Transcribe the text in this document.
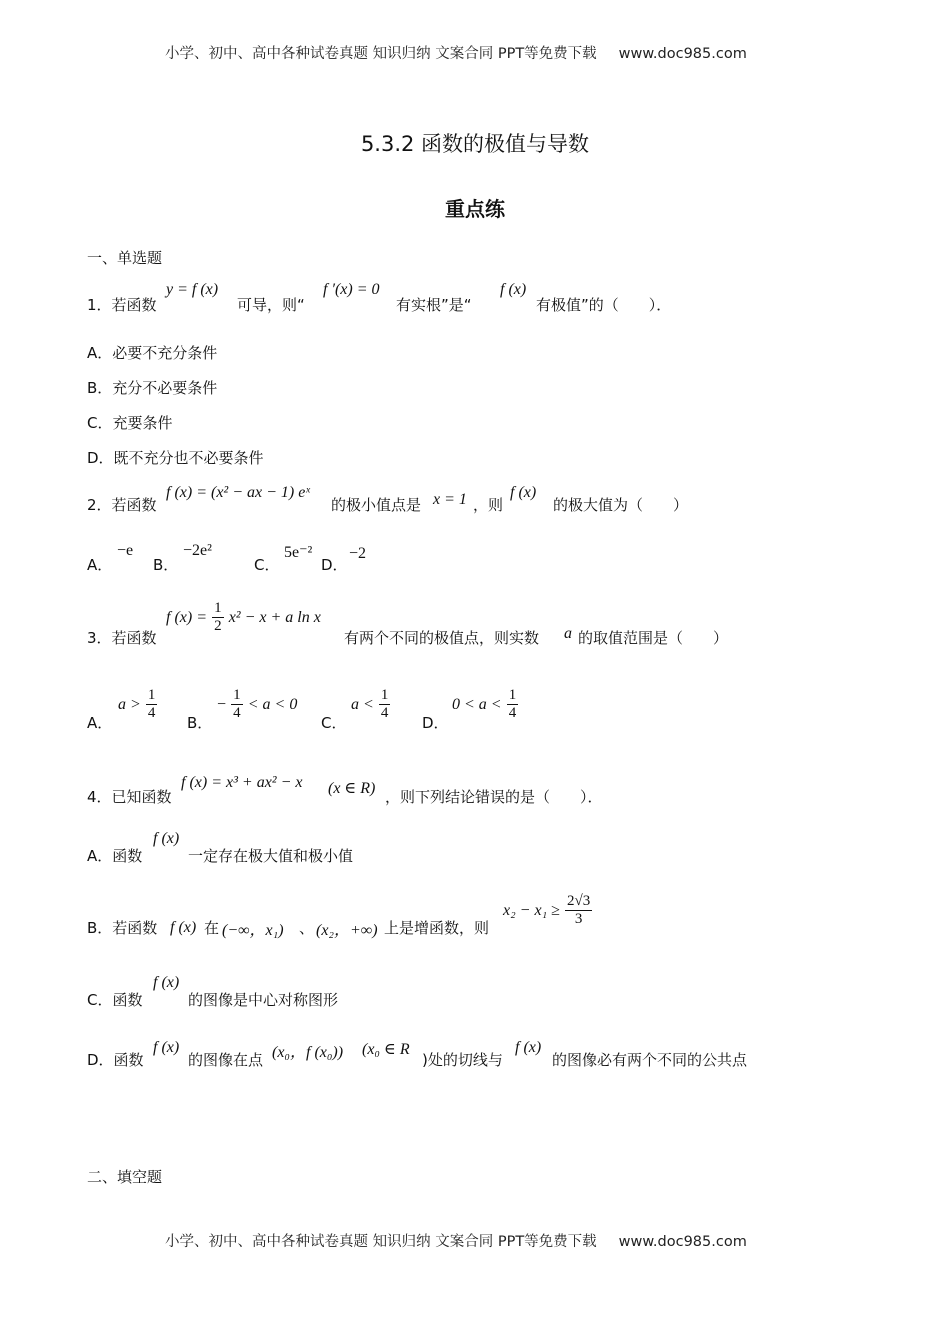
小学、初中、高中各种试卷真题 知识归纳 文案合同 PPT等免费下载 www.doc985.com
5.3.2 函数的极值与导数
重点练
一、单选题
1．若函数
y = f (x)
可导，则“
f ′(x) = 0
有实根”是“
f (x)
有极值”的（　　）．
A．必要不充分条件
B．充分不必要条件
C．充要条件
D．既不充分也不必要条件
2．若函数
f (x) = (x² − ax − 1) eˣ
的极小值点是 x = 1 ，则
f (x)
的极大值为（　　）
A．
−e
B．
−2e²
C．
5e⁻²
D．
−2
3．若函数
f $(x) = \frac{1}{2} x^2 - x + a$ ln x
有两个不同的极值点，则实数 a 的取值范围是（　　）
A．
$a > \frac{1}{4}$
B．
− $\frac{1}{4} < a < 0$
C．
$a < \frac{1}{4}$
D．
$0 < a < \frac{1}{4}$
4．已知函数
f (x) = x³ + ax² − x (x ∈ R) ，则下列结论错误的是（　　）．
A．函数
f (x)
一定存在极大值和极小值
B．若函数 f (x) 在 (−∞，x₁) 、 (x₂，+∞) 上是增函数，则
$x_2 - x_1 \ge \frac{2√3}{3}$
C．函数
f (x)
的图像是中心对称图形
D．函数
f (x)
的图像在点 (x₀，f (x₀)) (x₀ ∈ R
)处的切线与
f (x)
的图像必有两个不同的公共点
二、填空题
小学、初中、高中各种试卷真题 知识归纳 文案合同 PPT等免费下载 www.doc985.com
